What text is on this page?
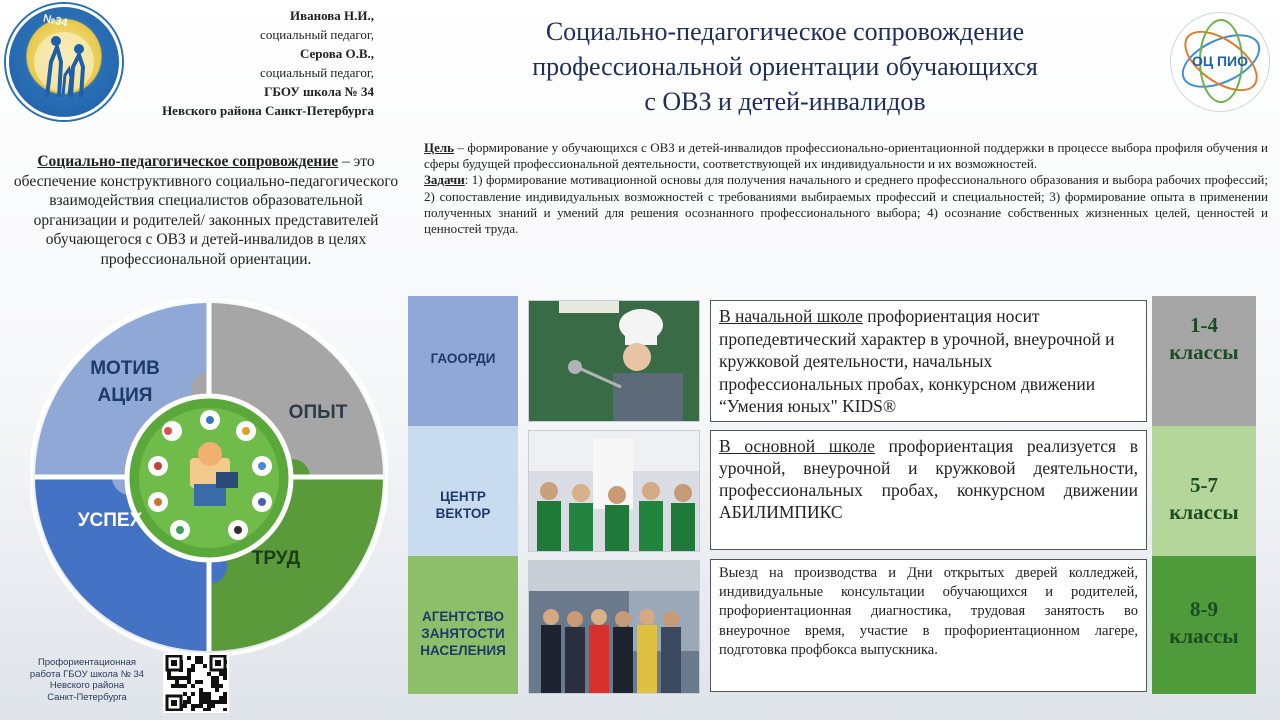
№34	Иванова Н.И.,
социальный педагог,
Серова О.В.,
социальный педагог,
ГБОУ школа № 34
Невского района Санкт-Петербурга
Социально-педагогическое сопровождение
профессиональной ориентации обучающихся
с ОВЗ и детей-инвалидов
ОЦ ПИО
Социально-педагогическое сопровождение – это обеспечение конструктивного социально-педагогического взаимодействия специалистов образовательной организации и родителей/ законных представителей обучающегося с ОВЗ и детей-инвалидов в целях профессиональной ориентации.
Цель – формирование у обучающихся с ОВЗ и детей-инвалидов профессионально-ориентационной поддержки в процессе выбора профиля обучения и сферы будущей профессиональной деятельности, соответствующей их индивидуальности и их возможностей.
Задачи: 1) формирование мотивационной основы для получения начального и среднего профессионального образования и выбора рабочих профессий; 2) сопоставление индивидуальных возможностей с требованиями выбираемых профессий и специальностей; 3) формирование опыта в применении полученных знаний и умений для решения осознанного профессионального выбора; 4) осознание собственных жизненных целей, ценностей и ценностей труда.
МОТИВ
АЦИЯ
ОПЫТ
УСПЕХ
ТРУД
ГАООРДИ
ЦЕНТР
ВЕКТОР
АГЕНТСТВО
ЗАНЯТОСТИ
НАСЕЛЕНИЯ
В начальной школе профориентация носит пропедевтический характер в урочной, внеурочной и кружковой деятельности, начальных профессиональных пробах, конкурсном движении “Умения юных" KIDS®
В основной школе профориентация реализуется в урочной, внеурочной и кружковой деятельности, профессиональных пробах, конкурсном движении АБИЛИМПИКС
Выезд на производства и Дни открытых дверей колледжей, индивидуальные консультации обучающихся и родителей, профориентационная диагностика, трудовая занятость во внеурочное время, участие в профориентационном лагере, подготовка профбокса выпускника.
1-4
классы
5-7
классы
8-9
классы
Профориентационная
работа ГБОУ школа № 34
Невского района
Санкт-Петербурга
